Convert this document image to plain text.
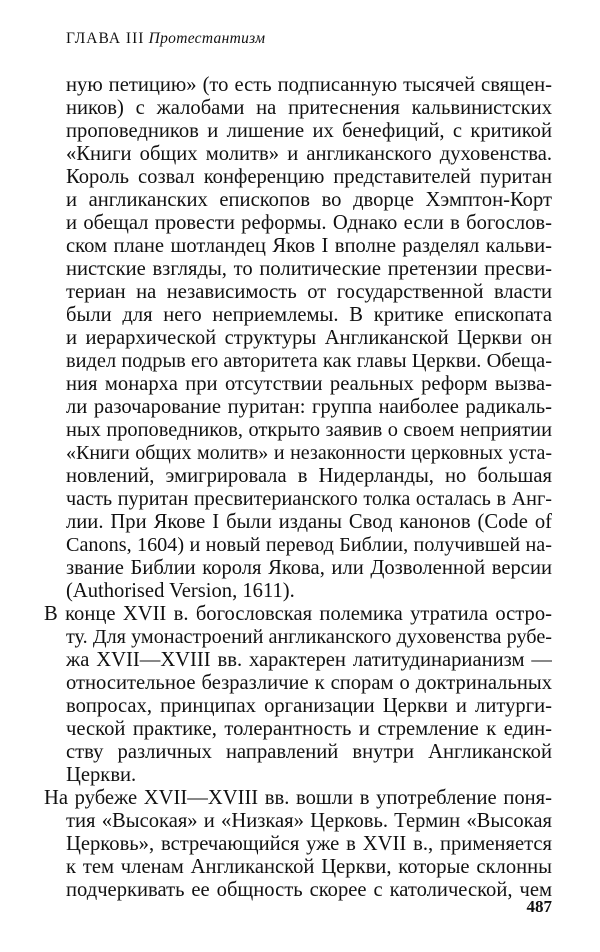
ГЛАВА III Протестантизм
ную петицию» (то есть подписанную тысячей священ-
ников) с жалобами на притеснения кальвинистских
проповедников и лишение их бенефиций, с критикой
«Книги общих молитв» и англиканского духовенства.
Король созвал конференцию представителей пуритан
и англиканских епископов во дворце Хэмптон-Корт
и обещал провести реформы. Однако если в богослов-
ском плане шотландец Яков I вполне разделял кальви-
нистские взгляды, то политические претензии пресви-
териан на независимость от государственной власти
были для него неприемлемы. В критике епископата
и иерархической структуры Англиканской Церкви он
видел подрыв его авторитета как главы Церкви. Обеща-
ния монарха при отсутствии реальных реформ вызва-
ли разочарование пуритан: группа наиболее радикаль-
ных проповедников, открыто заявив о своем неприятии
«Книги общих молитв» и незаконности церковных уста-
новлений, эмигрировала в Нидерланды, но большая
часть пуритан пресвитерианского толка осталась в Анг-
лии. При Якове I были изданы Свод канонов (Code of
Canons, 1604) и новый перевод Библии, получившей на-
звание Библии короля Якова, или Дозволенной версии
(Authorised Version, 1611).
В конце XVII в. богословская полемика утратила остро-
ту. Для умонастроений англиканского духовенства рубе-
жа XVII—XVIII вв. характерен латитудинарианизм —
относительное безразличие к спорам о доктринальных
вопросах, принципах организации Церкви и литурги-
ческой практике, толерантность и стремление к един-
ству различных направлений внутри Англиканской
Церкви.
На рубеже XVII—XVIII вв. вошли в употребление поня-
тия «Высокая» и «Низкая» Церковь. Термин «Высокая
Церковь», встречающийся уже в XVII в., применяется
к тем членам Англиканской Церкви, которые склонны
подчеркивать ее общность скорее с католической, чем
487
